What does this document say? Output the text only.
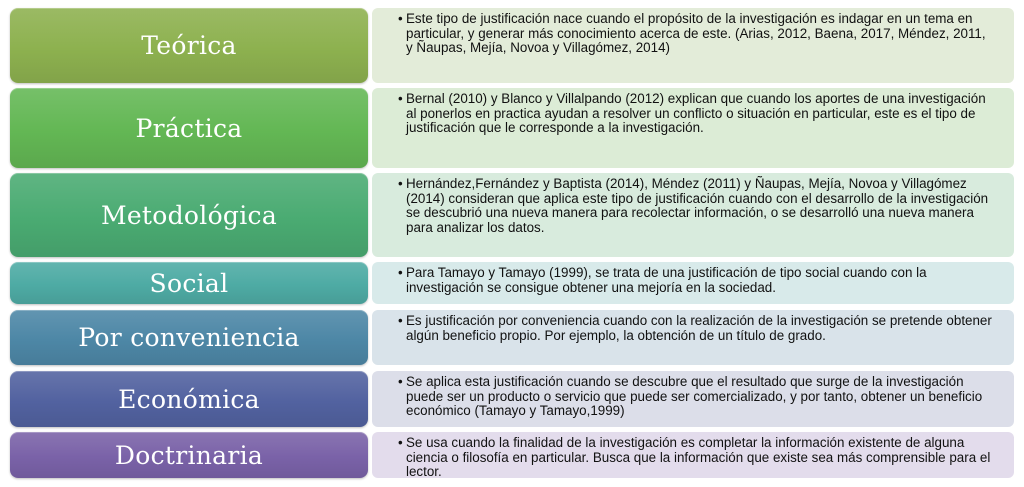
Teórica

• Este tipo de justificación nace cuando el propósito de la investigación es indagar en un tema en particular, y generar más conocimiento acerca de este. (Arias, 2012, Baena, 2017, Méndez, 2011, y Ñaupas, Mejía, Novoa y Villagómez, 2014)

Práctica

• Bernal (2010) y Blanco y Villalpando (2012) explican que cuando los aportes de una investigación al ponerlos en practica ayudan a resolver un conflicto o situación en particular, este es el tipo de justificación que le corresponde a la investigación.

Metodológica

• Hernández,Fernández y Baptista (2014), Méndez (2011) y Ñaupas, Mejía, Novoa y Villagómez (2014) consideran que aplica este tipo de justificación cuando con el desarrollo de la investigación se descubrió una nueva manera para recolectar información, o se desarrolló una nueva manera para analizar los datos.

Social	• Para Tamayo y Tamayo (1999), se trata de una justificación de tipo social cuando con la investigación se consigue obtener una mejoría en la sociedad.

Por conveniencia

• Es justificación por conveniencia cuando con la realización de la investigación se pretende obtener algún beneficio propio. Por ejemplo, la obtención de un título de grado.

Económica

• Se aplica esta justificación cuando se descubre que el resultado que surge de la investigación puede ser un producto o servicio que puede ser comercializado, y por tanto, obtener un beneficio económico (Tamayo y Tamayo,1999)

Doctrinaria	• Se usa cuando la finalidad de la investigación es completar la información existente de alguna ciencia o filosofía en particular. Busca que la información que existe sea más comprensible para el lector.
